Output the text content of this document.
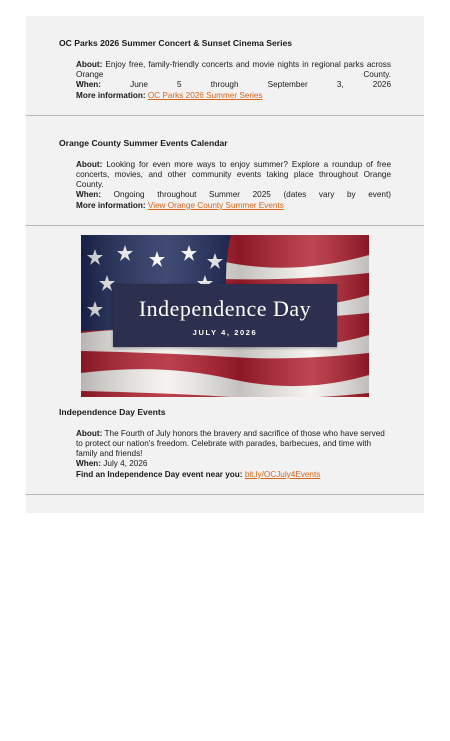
OC Parks 2026 Summer Concert & Sunset Cinema Series

About: Enjoy free, family-friendly concerts and movie nights in regional parks across Orange County.

When:	June 5 through September 3, 2026

More information: OC Parks 2026 Summer Series

Orange County Summer Events Calendar

About: Looking for even more ways to enjoy summer? Explore a roundup of free concerts, movies, and other community events taking place throughout Orange County.

When: Ongoing throughout Summer 2025 (dates vary by event)

More information: View Orange County Summer Events

Independence Day
JULY 4, 2026

Independence Day Events

About: The Fourth of July honors the bravery and sacrifice of those who have served to protect our nation's freedom. Celebrate with parades, barbecues, and time with family and friends!

When: July 4, 2026

Find an Independence Day event near you: bit.ly/OCJuly4Events
